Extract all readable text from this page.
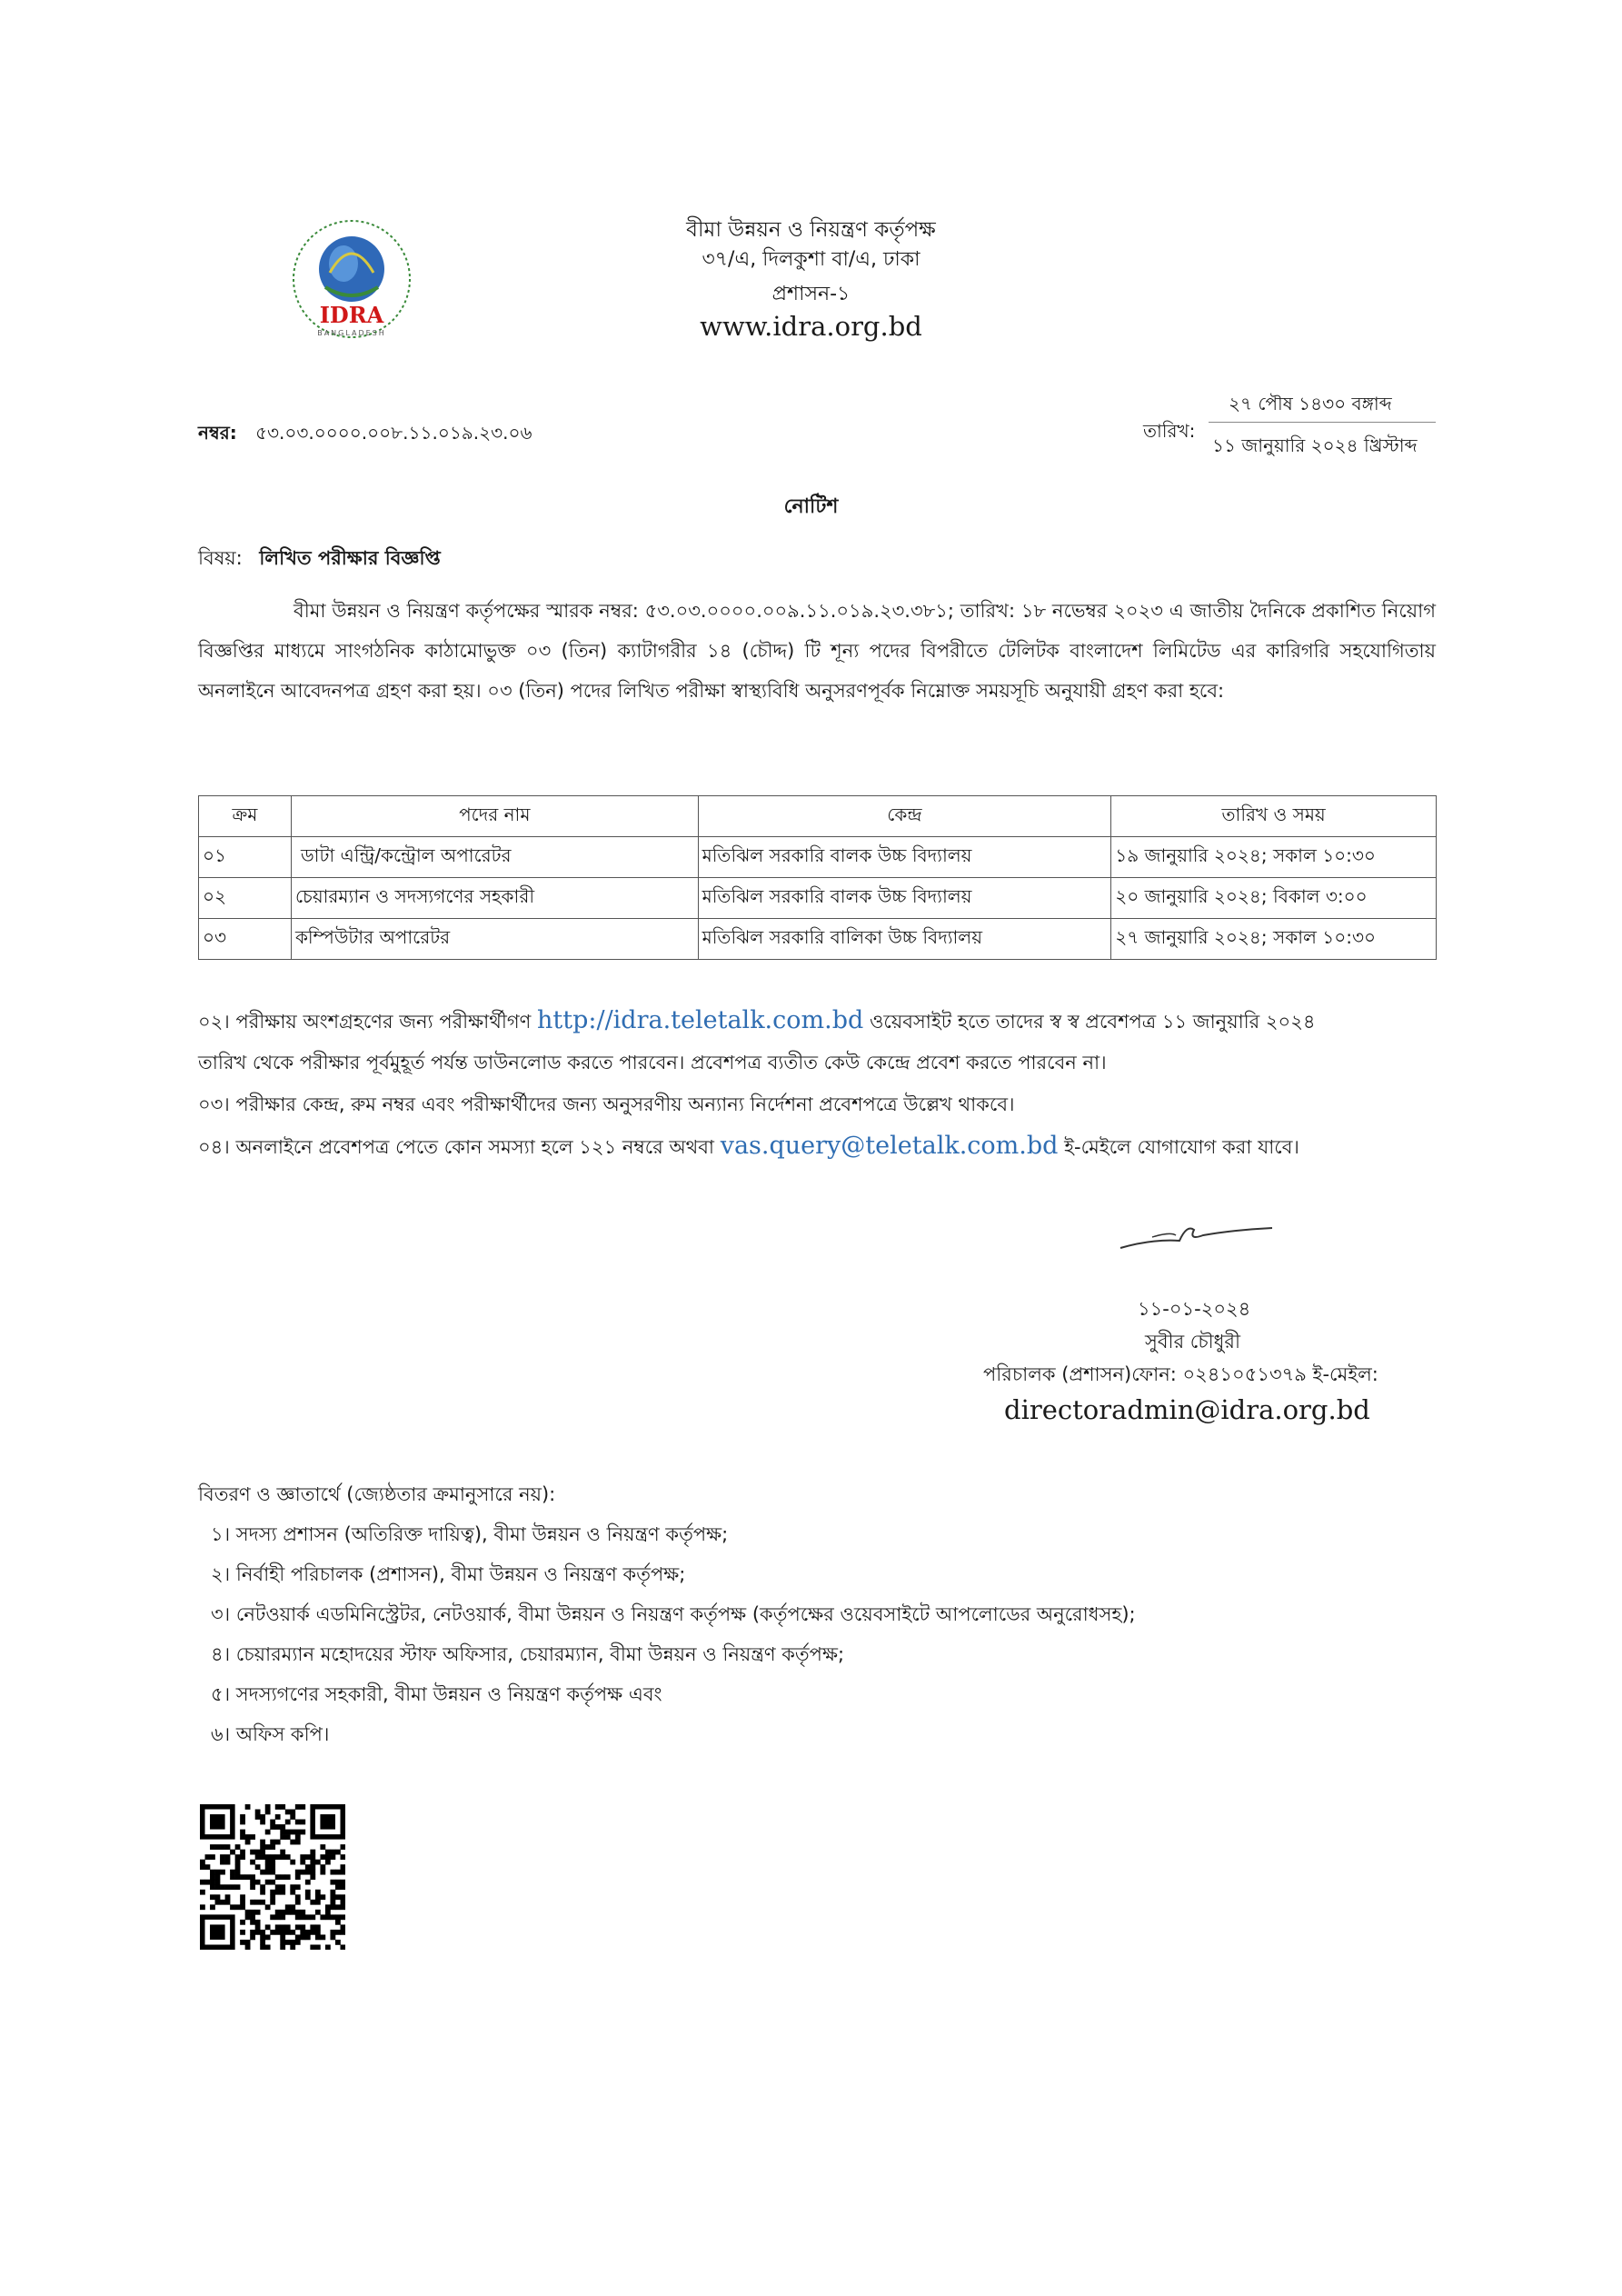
IDRA
BANGLADESH
বীমা উন্নয়ন ও নিয়ন্ত্রণ কর্তৃপক্ষ
৩৭/এ, দিলকুশা বা/এ, ঢাকা
প্রশাসন-১
www.idra.org.bd
নম্বর: ৫৩.০৩.০০০০.০০৮.১১.০১৯.২৩.০৬	তারিখ:
২৭ পৌষ ১৪৩০ বঙ্গাব্দ
১১ জানুয়ারি ২০২৪ খ্রিস্টাব্দ
নোটিশ
বিষয়: লিখিত পরীক্ষার বিজ্ঞপ্তি
বীমা উন্নয়ন ও নিয়ন্ত্রণ কর্তৃপক্ষের স্মারক নম্বর: ৫৩.০৩.০০০০.০০৯.১১.০১৯.২৩.৩৮১; তারিখ: ১৮ নভেম্বর ২০২৩ এ জাতীয় দৈনিকে প্রকাশিত নিয়োগ বিজ্ঞপ্তির মাধ্যমে সাংগঠনিক কাঠামোভুক্ত ০৩ (তিন) ক্যাটাগরীর ১৪ (চৌদ্দ) টি শূন্য পদের বিপরীতে টেলিটক বাংলাদেশ লিমিটেড এর কারিগরি সহযোগিতায় অনলাইনে আবেদনপত্র গ্রহণ করা হয়। ০৩ (তিন) পদের লিখিত পরীক্ষা স্বাস্থ্যবিধি অনুসরণপূর্বক নিম্নোক্ত সময়সূচি অনুযায়ী গ্রহণ করা হবে:
ক্রম	পদের নাম	কেন্দ্র	তারিখ ও সময়
০১	ডাটা এন্ট্রি/কন্ট্রোল অপারেটর	মতিঝিল সরকারি বালক উচ্চ বিদ্যালয়	১৯ জানুয়ারি ২০২৪; সকাল ১০:৩০
০২	চেয়ারম্যান ও সদস্যগণের সহকারী	মতিঝিল সরকারি বালক উচ্চ বিদ্যালয়	২০ জানুয়ারি ২০২৪; বিকাল ৩:০০
০৩	কম্পিউটার অপারেটর	মতিঝিল সরকারি বালিকা উচ্চ বিদ্যালয়	২৭ জানুয়ারি ২০২৪; সকাল ১০:৩০
০২। পরীক্ষায় অংশগ্রহণের জন্য পরীক্ষার্থীগণ http://idra.teletalk.com.bd ওয়েবসাইট হতে তাদের স্ব স্ব প্রবেশপত্র ১১ জানুয়ারি ২০২৪
তারিখ থেকে পরীক্ষার পূর্বমুহূর্ত পর্যন্ত ডাউনলোড করতে পারবেন। প্রবেশপত্র ব্যতীত কেউ কেন্দ্রে প্রবেশ করতে পারবেন না।
০৩। পরীক্ষার কেন্দ্র, রুম নম্বর এবং পরীক্ষার্থীদের জন্য অনুসরণীয় অন্যান্য নির্দেশনা প্রবেশপত্রে উল্লেখ থাকবে।
০৪। অনলাইনে প্রবেশপত্র পেতে কোন সমস্যা হলে ১২১ নম্বরে অথবা vas.query@teletalk.com.bd ই-মেইলে যোগাযোগ করা যাবে।
১১-০১-২০২৪
সুবীর চৌধুরী
পরিচালক (প্রশাসন)ফোন: ০২৪১০৫১৩৭৯ ই-মেইল:
directoradmin@idra.org.bd
বিতরণ ও জ্ঞাতার্থে (জ্যেষ্ঠতার ক্রমানুসারে নয়):
১। সদস্য প্রশাসন (অতিরিক্ত দায়িত্ব), বীমা উন্নয়ন ও নিয়ন্ত্রণ কর্তৃপক্ষ;
২। নির্বাহী পরিচালক (প্রশাসন), বীমা উন্নয়ন ও নিয়ন্ত্রণ কর্তৃপক্ষ;
৩। নেটওয়ার্ক এডমিনিস্ট্রেটর, নেটওয়ার্ক, বীমা উন্নয়ন ও নিয়ন্ত্রণ কর্তৃপক্ষ (কর্তৃপক্ষের ওয়েবসাইটে আপলোডের অনুরোধসহ);
৪। চেয়ারম্যান মহোদয়ের স্টাফ অফিসার, চেয়ারম্যান, বীমা উন্নয়ন ও নিয়ন্ত্রণ কর্তৃপক্ষ;
৫। সদস্যগণের সহকারী, বীমা উন্নয়ন ও নিয়ন্ত্রণ কর্তৃপক্ষ এবং
৬। অফিস কপি।
